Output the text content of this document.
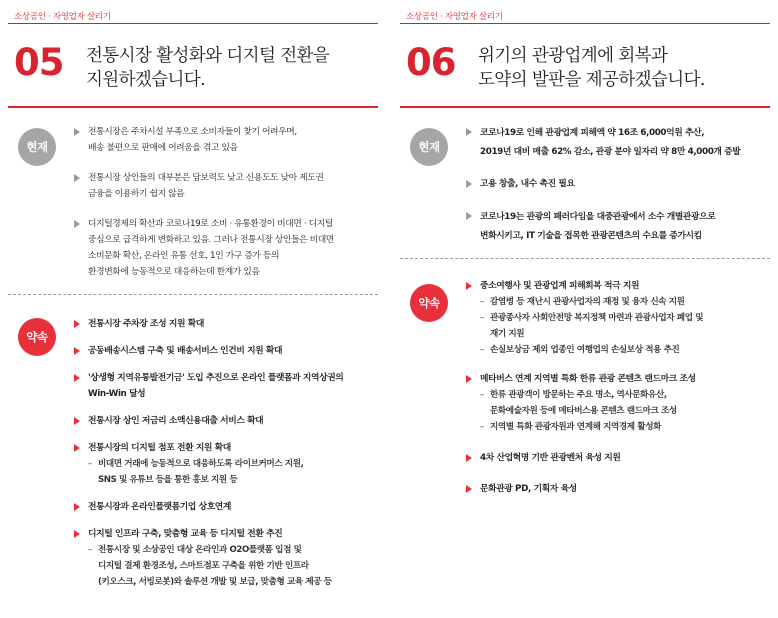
소상공인 · 자영업자 살리기
05 전통시장 활성화와 디지털 전환을
지원하겠습니다.
현재
전통시장은 주차시설 부족으로 소비자들이 찾기 어려우며,
배송 불편으로 판매에 어려움을 겪고 있음
전통시장 상인들의 대부분은 담보력도 낮고 신용도도 낮아 제도권
금융을 이용하기 쉽지 않음
디지털경제의 확산과 코로나19로 소비 · 유통환경이 비대면 · 디지털
중심으로 급격하게 변화하고 있음. 그러나 전통시장 상인들은 비대면
소비문화 확산, 온라인 유통 선호, 1인 가구 증가 등의
환경변화에 능동적으로 대응하는데 한계가 있음
약속
전통시장 주차장 조성 지원 확대
공동배송시스템 구축 및 배송서비스 인건비 지원 확대
'상생형 지역유통발전기금' 도입 추진으로 온라인 플랫폼과 지역상권의
Win-Win 달성
전통시장 상인 저금리 소액신용대출 서비스 확대
전통시장의 디지털 점포 전환 지원 확대
– 비대면 거래에 능동적으로 대응하도록 라이브커머스 지원,
SNS 및 유튜브 등을 통한 홍보 지원 등
전통시장과 온라인플랫폼기업 상호연계
디지털 인프라 구축, 맞춤형 교육 등 디지털 전환 추진
– 전통시장 및 소상공인 대상 온라인과 O2O플랫폼 입점 및
디지털 결제 환경조성, 스마트점포 구축을 위한 기반 인프라
(키오스크, 서빙로봇)와 솔루션 개발 및 보급, 맞춤형 교육 제공 등
소상공인 · 자영업자 살리기
06 위기의 관광업계에 회복과
도약의 발판을 제공하겠습니다.
현재
코로나19로 인해 관광업계 피해액 약 16조 6,000억원 추산,
2019년 대비 매출 62% 감소, 관광 분야 일자리 약 8만 4,000개 증발
고용 창출, 내수 촉진 필요
코로나19는 관광의 패러다임을 대중관광에서 소수 개별관광으로
변화시키고, IT 기술을 접목한 관광콘텐츠의 수요를 증가시킴
약속
중소여행사 및 관광업계 피해회복 적극 지원
– 감염병 등 재난시 관광사업자의 재정 및 융자 신속 지원
– 관광종사자 사회안전망 복지정책 마련과 관광사업자 폐업 및
재기 지원
– 손실보상금 제외 업종인 여행업의 손실보상 적용 추진
메타버스 연계 지역별 특화 한류 관광 콘텐츠 랜드마크 조성
– 한류 관광객이 방문하는 주요 명소, 역사문화유산,
문화예술자원 등에 메타버스용 콘텐츠 랜드마크 조성
– 지역별 특화 관광자원과 연계해 지역경제 활성화
4차 산업혁명 기반 관광벤처 육성 지원
문화관광 PD, 기획자 육성
